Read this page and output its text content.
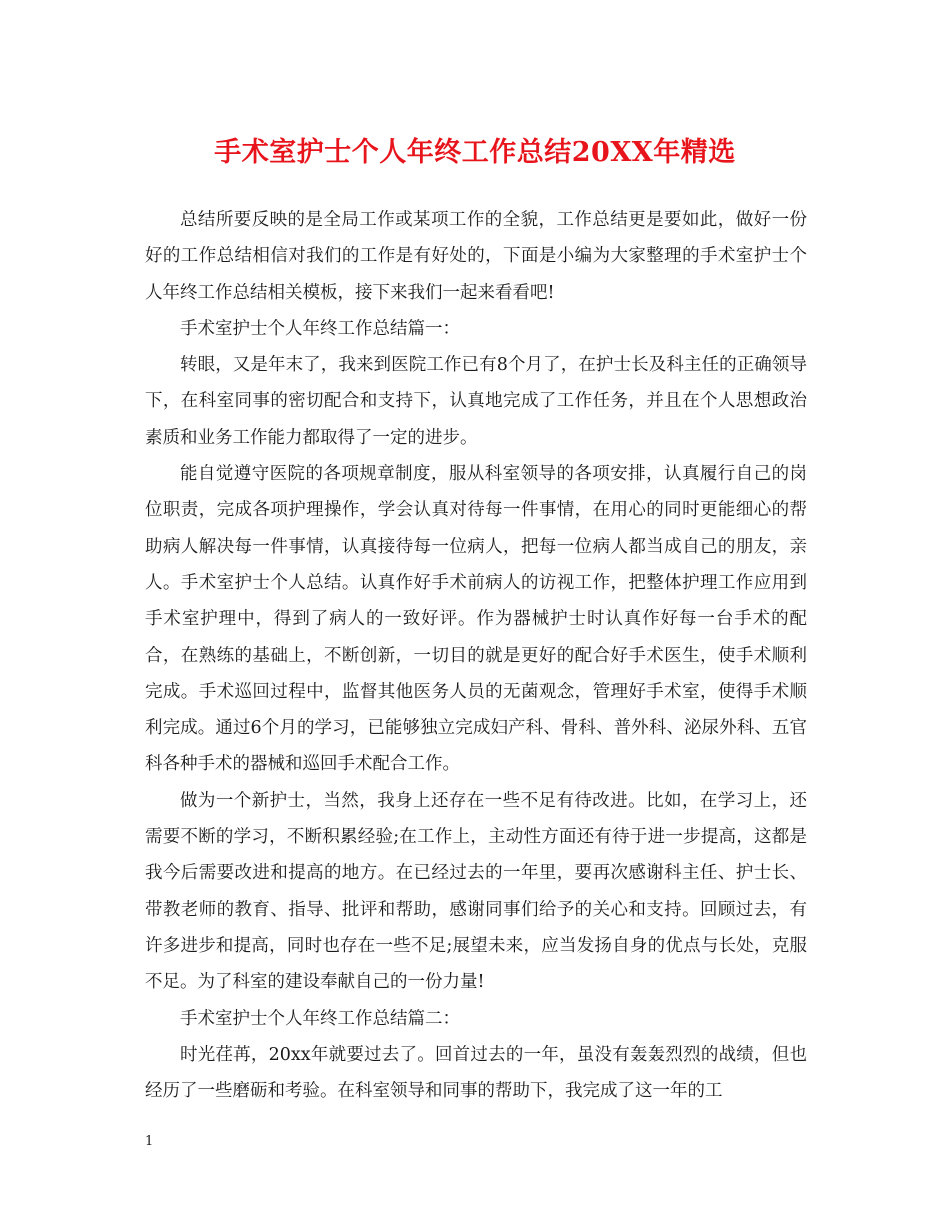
手术室护士个人年终工作总结20XX年精选

总结所要反映的是全局工作或某项工作的全貌，工作总结更是要如此，做好一份好的工作总结相信对我们的工作是有好处的，下面是小编为大家整理的手术室护士个人年终工作总结相关模板，接下来我们一起来看看吧!

手术室护士个人年终工作总结篇一：

转眼，又是年末了，我来到医院工作已有8个月了，在护士长及科主任的正确领导下，在科室同事的密切配合和支持下，认真地完成了工作任务，并且在个人思想政治素质和业务工作能力都取得了一定的进步。

能自觉遵守医院的各项规章制度，服从科室领导的各项安排，认真履行自己的岗位职责，完成各项护理操作，学会认真对待每一件事情，在用心的同时更能细心的帮助病人解决每一件事情，认真接待每一位病人，把每一位病人都当成自己的朋友，亲人。手术室护士个人总结。认真作好手术前病人的访视工作，把整体护理工作应用到手术室护理中，得到了病人的一致好评。作为器械护士时认真作好每一台手术的配合，在熟练的基础上，不断创新，一切目的就是更好的配合好手术医生，使手术顺利完成。手术巡回过程中，监督其他医务人员的无菌观念，管理好手术室，使得手术顺利完成。通过6个月的学习，已能够独立完成妇产科、骨科、普外科、泌尿外科、五官科各种手术的器械和巡回手术配合工作。

做为一个新护士，当然，我身上还存在一些不足有待改进。比如，在学习上，还需要不断的学习，不断积累经验;在工作上，主动性方面还有待于进一步提高，这都是我今后需要改进和提高的地方。在已经过去的一年里，要再次感谢科主任、护士长、带教老师的教育、指导、批评和帮助，感谢同事们给予的关心和支持。回顾过去，有许多进步和提高，同时也存在一些不足;展望未来，应当发扬自身的优点与长处，克服不足。为了科室的建设奉献自己的一份力量!

手术室护士个人年终工作总结篇二：

时光荏苒，20xx年就要过去了。回首过去的一年，虽没有轰轰烈烈的战绩，但也经历了一些磨砺和考验。在科室领导和同事的帮助下，我完成了这一年的工

1
